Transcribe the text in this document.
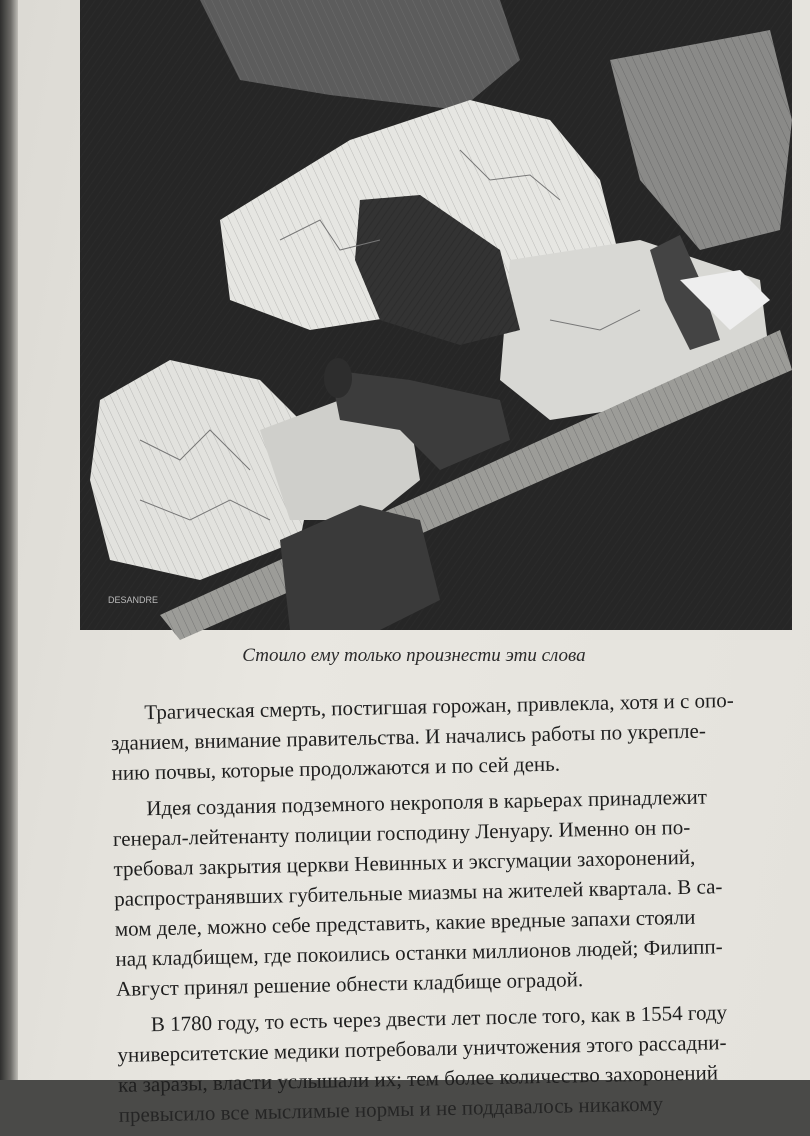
DESANDRE
Стоило ему только произнести эти слова
Трагическая смерть, постигшая горожан, привлекла, хотя и с опо-
зданием, внимание правительства. И начались работы по укрепле-
нию почвы, которые продолжаются и по сей день.
Идея создания подземного некрополя в карьерах принадлежит
генерал-лейтенанту полиции господину Ленуару. Именно он по-
требовал закрытия церкви Невинных и эксгумации захоронений,
распространявших губительные миазмы на жителей квартала. В са-
мом деле, можно себе представить, какие вредные запахи стояли
над кладбищем, где покоились останки миллионов людей; Филипп-
Август принял решение обнести кладбище оградой.
В 1780 году, то есть через двести лет после того, как в 1554 году
университетские медики потребовали уничтожения этого рассадни-
ка заразы, власти услышали их; тем более количество захоронений
превысило все мыслимые нормы и не поддавалось никакому
